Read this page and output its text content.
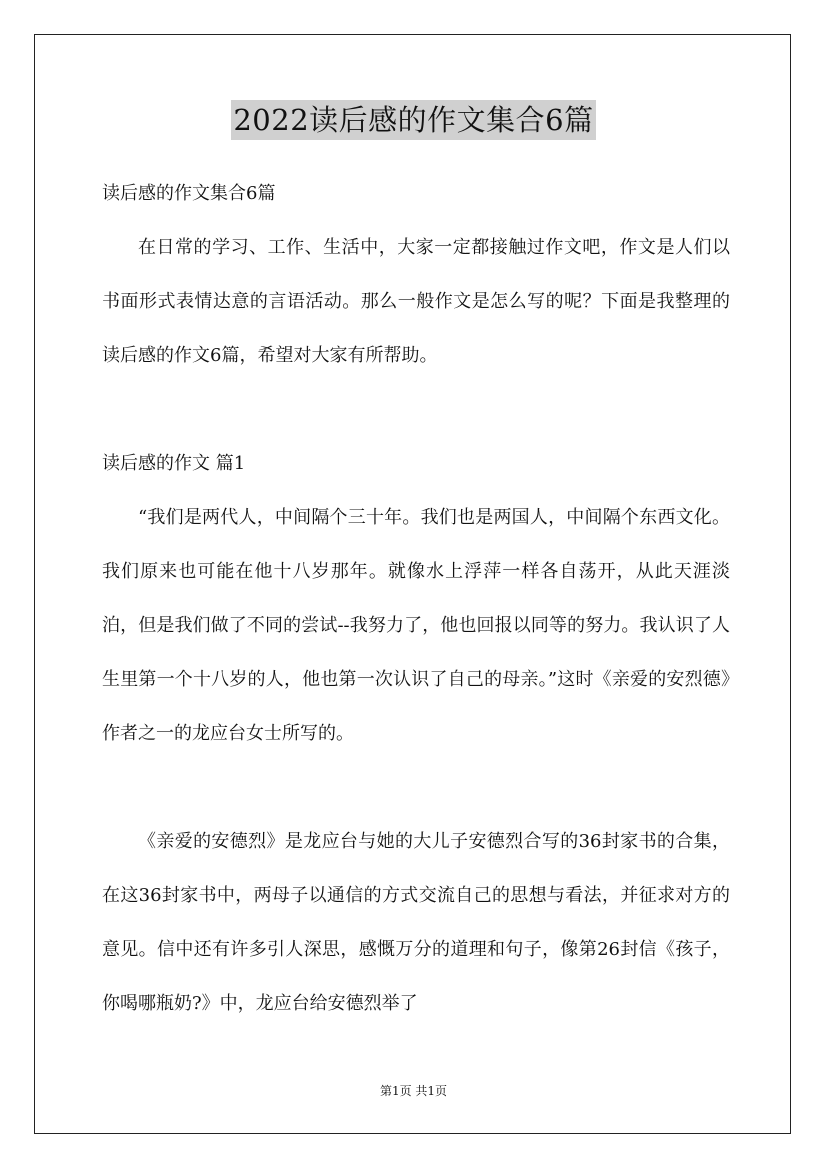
2022读后感的作文集合6篇

读后感的作文集合6篇

在日常的学习、工作、生活中，大家一定都接触过作文吧，作文是人们以书面形式表情达意的言语活动。那么一般作文是怎么写的呢？下面是我整理的读后感的作文6篇，希望对大家有所帮助。

读后感的作文 篇1

“我们是两代人，中间隔个三十年。我们也是两国人，中间隔个东西文化。我们原来也可能在他十八岁那年。就像水上浮萍一样各自荡开，从此天涯淡泊，但是我们做了不同的尝试--我努力了，他也回报以同等的努力。我认识了人生里第一个十八岁的人，他也第一次认识了自己的母亲。”这时《亲爱的安烈德》作者之一的龙应台女士所写的。

《亲爱的安德烈》是龙应台与她的大儿子安德烈合写的36封家书的合集，在这36封家书中，两母子以通信的方式交流自己的思想与看法，并征求对方的意见。信中还有许多引人深思，感慨万分的道理和句子，像第26封信《孩子，你喝哪瓶奶?》中，龙应台给安德烈举了

第1页 共1页
